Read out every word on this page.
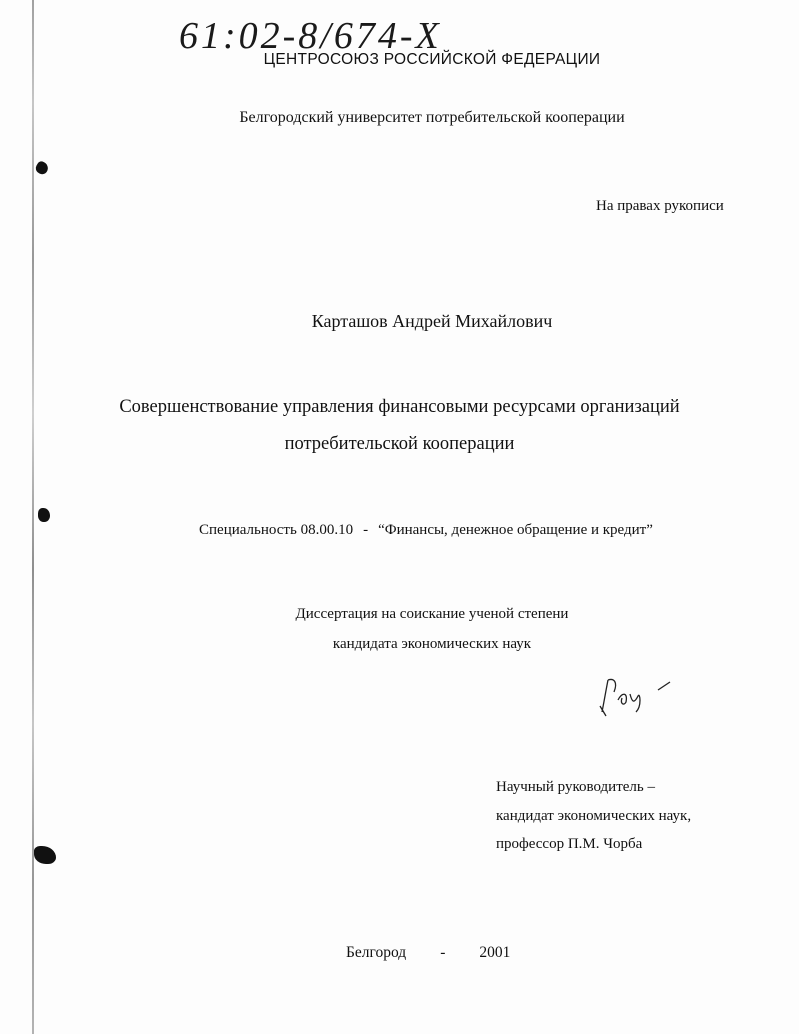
61:02-8/674-X
ЦЕНТРОСОЮЗ РОССИЙСКОЙ ФЕДЕРАЦИИ
Белгородский университет потребительской кооперации
На правах рукописи
Карташов Андрей Михайлович
Совершенствование управления финансовыми ресурсами организаций
потребительской кооперации
Специальность 08.00.10 - “Финансы, денежное обращение и кредит”
Диссертация на соискание ученой степени
кандидата экономических наук
Научный руководитель –
кандидат экономических наук,
профессор П.М. Чорба
Белгород - 2001
